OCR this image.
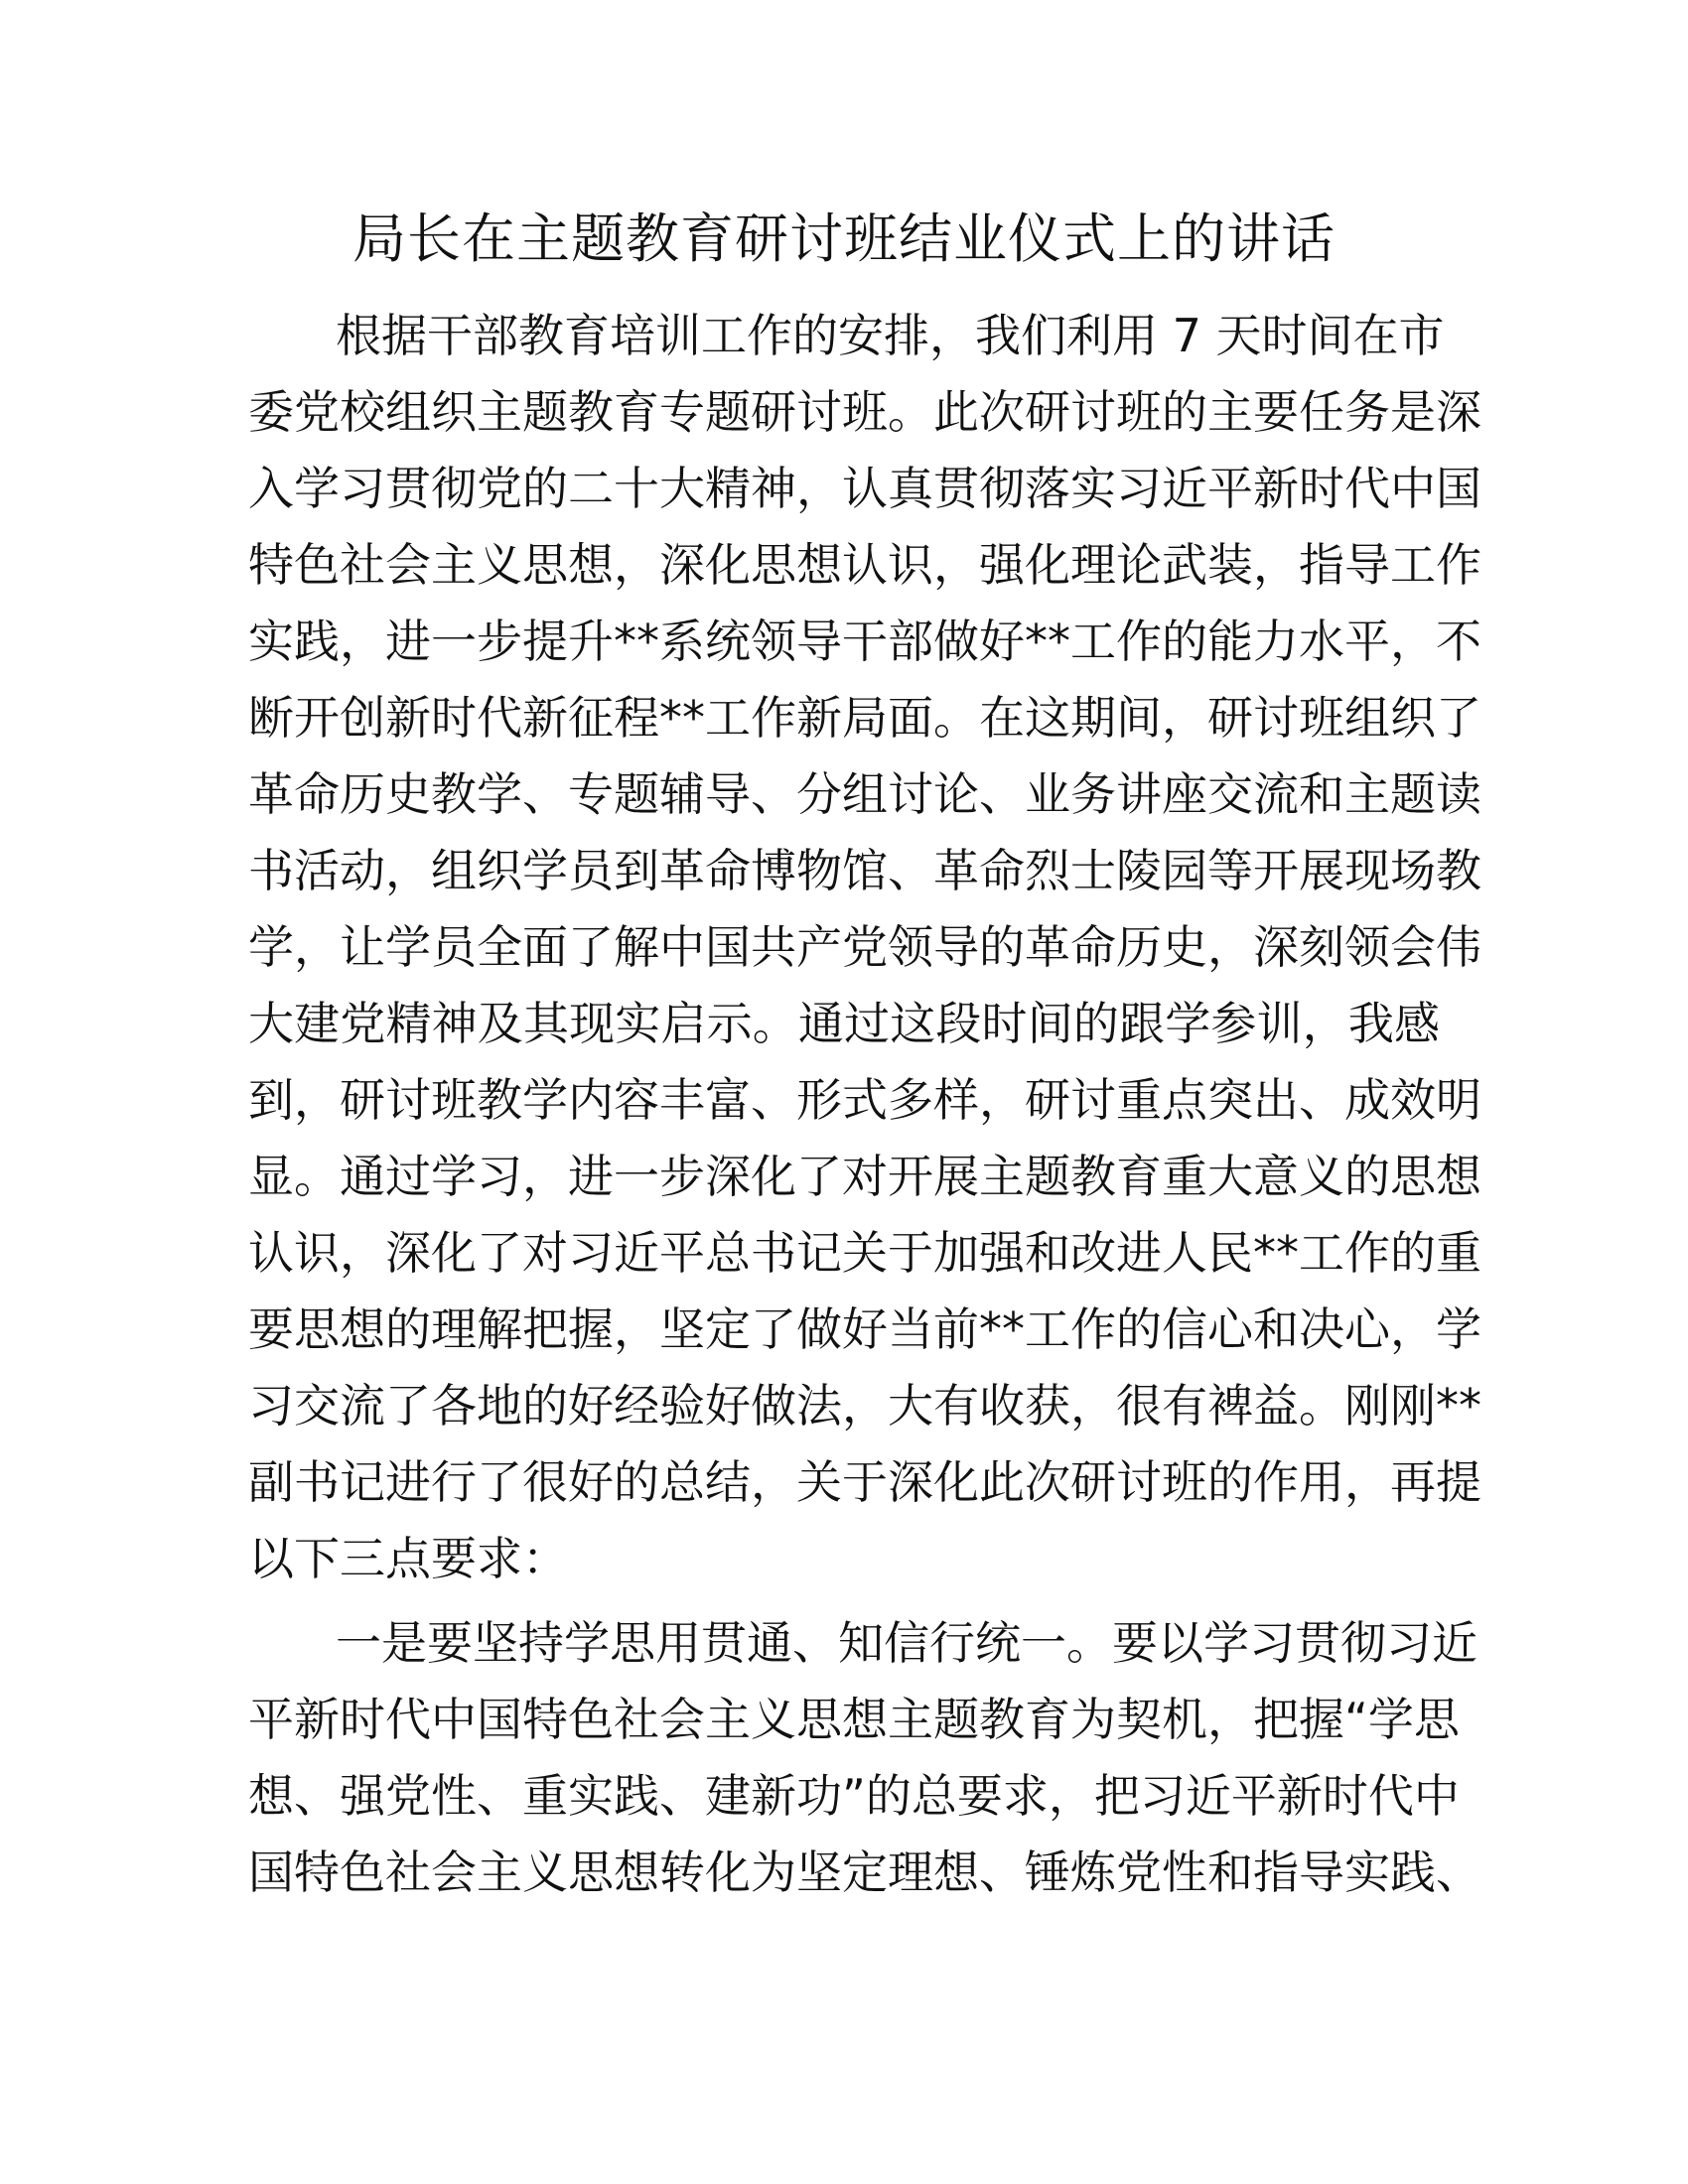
局长在主题教育研讨班结业仪式上的讲话
根据干部教育培训工作的安排，我们利用 7 天时间在市
委党校组织主题教育专题研讨班。此次研讨班的主要任务是深
入学习贯彻党的二十大精神，认真贯彻落实习近平新时代中国
特色社会主义思想，深化思想认识，强化理论武装，指导工作
实践，进一步提升**系统领导干部做好**工作的能力水平，不
断开创新时代新征程**工作新局面。在这期间，研讨班组织了
革命历史教学、专题辅导、分组讨论、业务讲座交流和主题读
书活动，组织学员到革命博物馆、革命烈士陵园等开展现场教
学，让学员全面了解中国共产党领导的革命历史，深刻领会伟
大建党精神及其现实启示。通过这段时间的跟学参训，我感
到，研讨班教学内容丰富、形式多样，研讨重点突出、成效明
显。通过学习，进一步深化了对开展主题教育重大意义的思想
认识，深化了对习近平总书记关于加强和改进人民**工作的重
要思想的理解把握，坚定了做好当前**工作的信心和决心，学
习交流了各地的好经验好做法，大有收获，很有裨益。刚刚**
副书记进行了很好的总结，关于深化此次研讨班的作用，再提
以下三点要求：
一是要坚持学思用贯通、知信行统一。要以学习贯彻习近
平新时代中国特色社会主义思想主题教育为契机，把握“学思
想、强党性、重实践、建新功”的总要求，把习近平新时代中
国特色社会主义思想转化为坚定理想、锤炼党性和指导实践、
